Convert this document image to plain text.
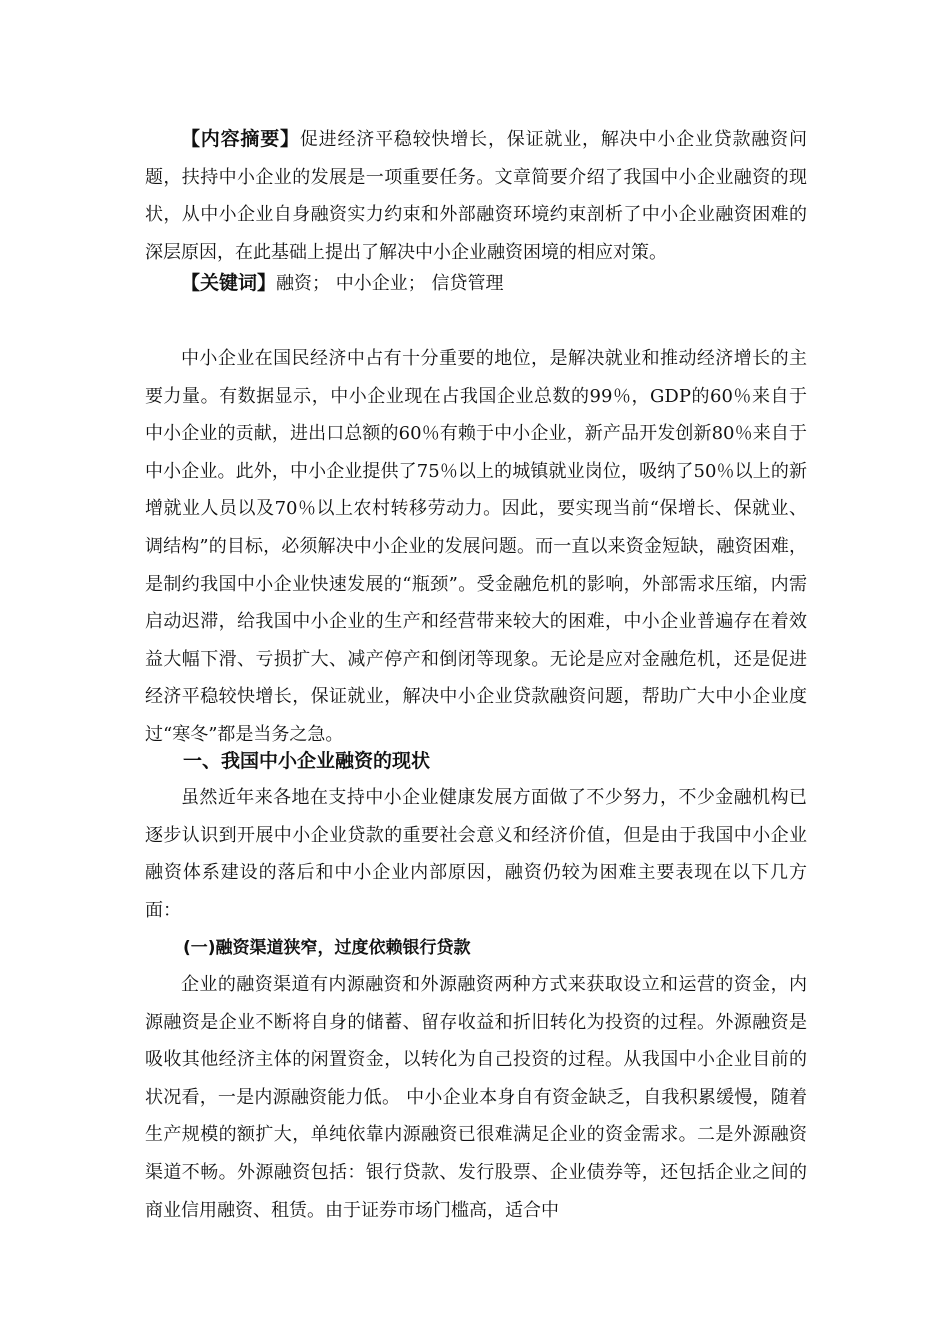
【内容摘要】促进经济平稳较快增长，保证就业，解决中小企业贷款融资问题，扶持中小企业的发展是一项重要任务。文章简要介绍了我国中小企业融资的现状，从中小企业自身融资实力约束和外部融资环境约束剖析了中小企业融资困难的深层原因，在此基础上提出了解决中小企业融资困境的相应对策。

【关键词】融资； 中小企业； 信贷管理

中小企业在国民经济中占有十分重要的地位，是解决就业和推动经济增长的主要力量。有数据显示，中小企业现在占我国企业总数的99％，GDP的60％来自于中小企业的贡献，进出口总额的60％有赖于中小企业，新产品开发创新80％来自于中小企业。此外，中小企业提供了75％以上的城镇就业岗位，吸纳了50％以上的新增就业人员以及70％以上农村转移劳动力。因此，要实现当前“保增长、保就业、调结构”的目标，必须解决中小企业的发展问题。而一直以来资金短缺，融资困难，是制约我国中小企业快速发展的“瓶颈”。受金融危机的影响，外部需求压缩，内需启动迟滞，给我国中小企业的生产和经营带来较大的困难，中小企业普遍存在着效益大幅下滑、亏损扩大、减产停产和倒闭等现象。无论是应对金融危机，还是促进经济平稳较快增长，保证就业，解决中小企业贷款融资问题，帮助广大中小企业度过“寒冬”都是当务之急。

一、我国中小企业融资的现状

虽然近年来各地在支持中小企业健康发展方面做了不少努力，不少金融机构已逐步认识到开展中小企业贷款的重要社会意义和经济价值，但是由于我国中小企业融资体系建设的落后和中小企业内部原因，融资仍较为困难主要表现在以下几方面：

(一)融资渠道狭窄，过度依赖银行贷款

企业的融资渠道有内源融资和外源融资两种方式来获取设立和运营的资金，内源融资是企业不断将自身的储蓄、留存收益和折旧转化为投资的过程。外源融资是吸收其他经济主体的闲置资金，以转化为自己投资的过程。从我国中小企业目前的状况看，一是内源融资能力低。 中小企业本身自有资金缺乏，自我积累缓慢，随着生产规模的额扩大，单纯依靠内源融资已很难满足企业的资金需求。二是外源融资渠道不畅。外源融资包括：银行贷款、发行股票、企业债券等，还包括企业之间的商业信用融资、租赁。由于证券市场门槛高，适合中
